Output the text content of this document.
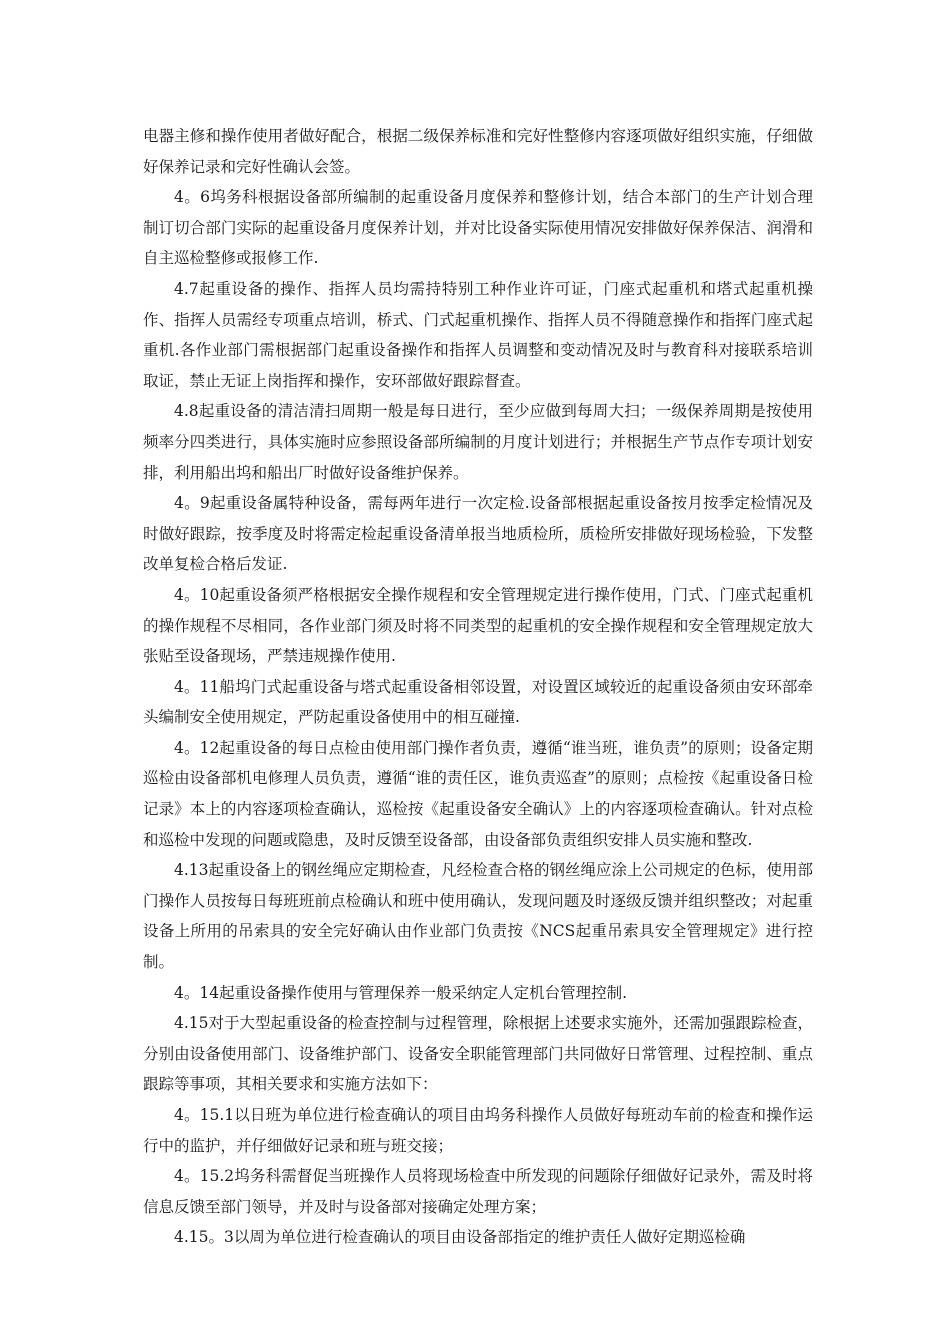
电器主修和操作使用者做好配合，根据二级保养标准和完好性整修内容逐项做好组织实施，仔细做好保养记录和完好性确认会签。

4。6坞务科根据设备部所编制的起重设备月度保养和整修计划，结合本部门的生产计划合理制订切合部门实际的起重设备月度保养计划，并对比设备实际使用情况安排做好保养保洁、润滑和自主巡检整修或报修工作.

4.7起重设备的操作、指挥人员均需持特别工种作业许可证，门座式起重机和塔式起重机操作、指挥人员需经专项重点培训，桥式、门式起重机操作、指挥人员不得随意操作和指挥门座式起重机.各作业部门需根据部门起重设备操作和指挥人员调整和变动情况及时与教育科对接联系培训取证，禁止无证上岗指挥和操作，安环部做好跟踪督查。

4.8起重设备的清洁清扫周期一般是每日进行，至少应做到每周大扫；一级保养周期是按使用频率分四类进行，具体实施时应参照设备部所编制的月度计划进行；并根据生产节点作专项计划安排，利用船出坞和船出厂时做好设备维护保养。

4。9起重设备属特种设备，需每两年进行一次定检.设备部根据起重设备按月按季定检情况及时做好跟踪，按季度及时将需定检起重设备清单报当地质检所，质检所安排做好现场检验，下发整改单复检合格后发证.

4。10起重设备须严格根据安全操作规程和安全管理规定进行操作使用，门式、门座式起重机的操作规程不尽相同，各作业部门须及时将不同类型的起重机的安全操作规程和安全管理规定放大张贴至设备现场，严禁违规操作使用.

4。11船坞门式起重设备与塔式起重设备相邻设置，对设置区域较近的起重设备须由安环部牵头编制安全使用规定，严防起重设备使用中的相互碰撞.

4。12起重设备的每日点检由使用部门操作者负责，遵循“谁当班，谁负责”的原则；设备定期巡检由设备部机电修理人员负责，遵循“谁的责任区，谁负责巡查”的原则；点检按《起重设备日检记录》本上的内容逐项检查确认，巡检按《起重设备安全确认》上的内容逐项检查确认。针对点检和巡检中发现的问题或隐患，及时反馈至设备部，由设备部负责组织安排人员实施和整改.

4.13起重设备上的钢丝绳应定期检查，凡经检查合格的钢丝绳应涂上公司规定的色标，使用部门操作人员按每日每班班前点检确认和班中使用确认，发现问题及时逐级反馈并组织整改；对起重设备上所用的吊索具的安全完好确认由作业部门负责按《NCS起重吊索具安全管理规定》进行控制。

4。14起重设备操作使用与管理保养一般采纳定人定机台管理控制.

4.15对于大型起重设备的检查控制与过程管理，除根据上述要求实施外，还需加强跟踪检查，分别由设备使用部门、设备维护部门、设备安全职能管理部门共同做好日常管理、过程控制、重点跟踪等事项，其相关要求和实施方法如下：

4。15.1以日班为单位进行检查确认的项目由坞务科操作人员做好每班动车前的检查和操作运行中的监护，并仔细做好记录和班与班交接；

4。15.2坞务科需督促当班操作人员将现场检查中所发现的问题除仔细做好记录外，需及时将信息反馈至部门领导，并及时与设备部对接确定处理方案；

4.15。3以周为单位进行检查确认的项目由设备部指定的维护责任人做好定期巡检确
